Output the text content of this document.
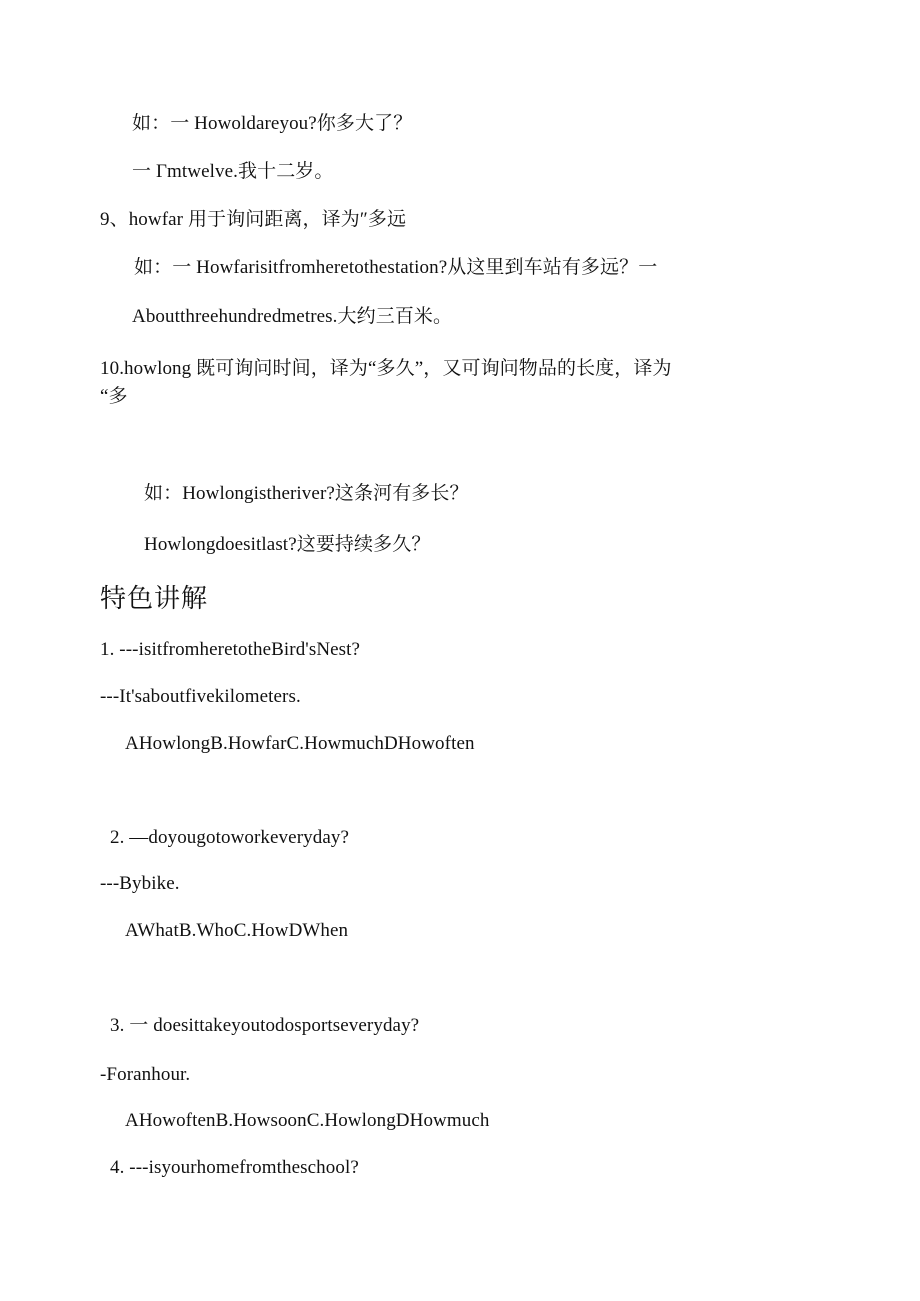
如：一 Howoldareyou?你多大了？
一 Γmtwelve.我十二岁。
9、howfar 用于询问距离，译为″多远
如：一 Howfarisitfromheretothestation?从这里到车站有多远？一
Aboutthreehundredmetres.大约三百米。
10.howlong 既可询问时间，译为“多久”，又可询问物品的长度，译为
“多
如：Howlongistheriver?这条河有多长？
Howlongdoesitlast?这要持续多久？
特色讲解
1. ---isitfromheretotheBird'sNest?
---It'saboutfivekilometers.
AHowlongB.HowfarC.HowmuchDHowoften
2. —doyougotoworkeveryday?
---Bybike.
AWhatB.WhoC.HowDWhen
3. 一 doesittakeyoutodosportseveryday?
-Foranhour.
AHowoftenB.HowsoonC.HowlongDHowmuch
4. ---isyourhomefromtheschool?
